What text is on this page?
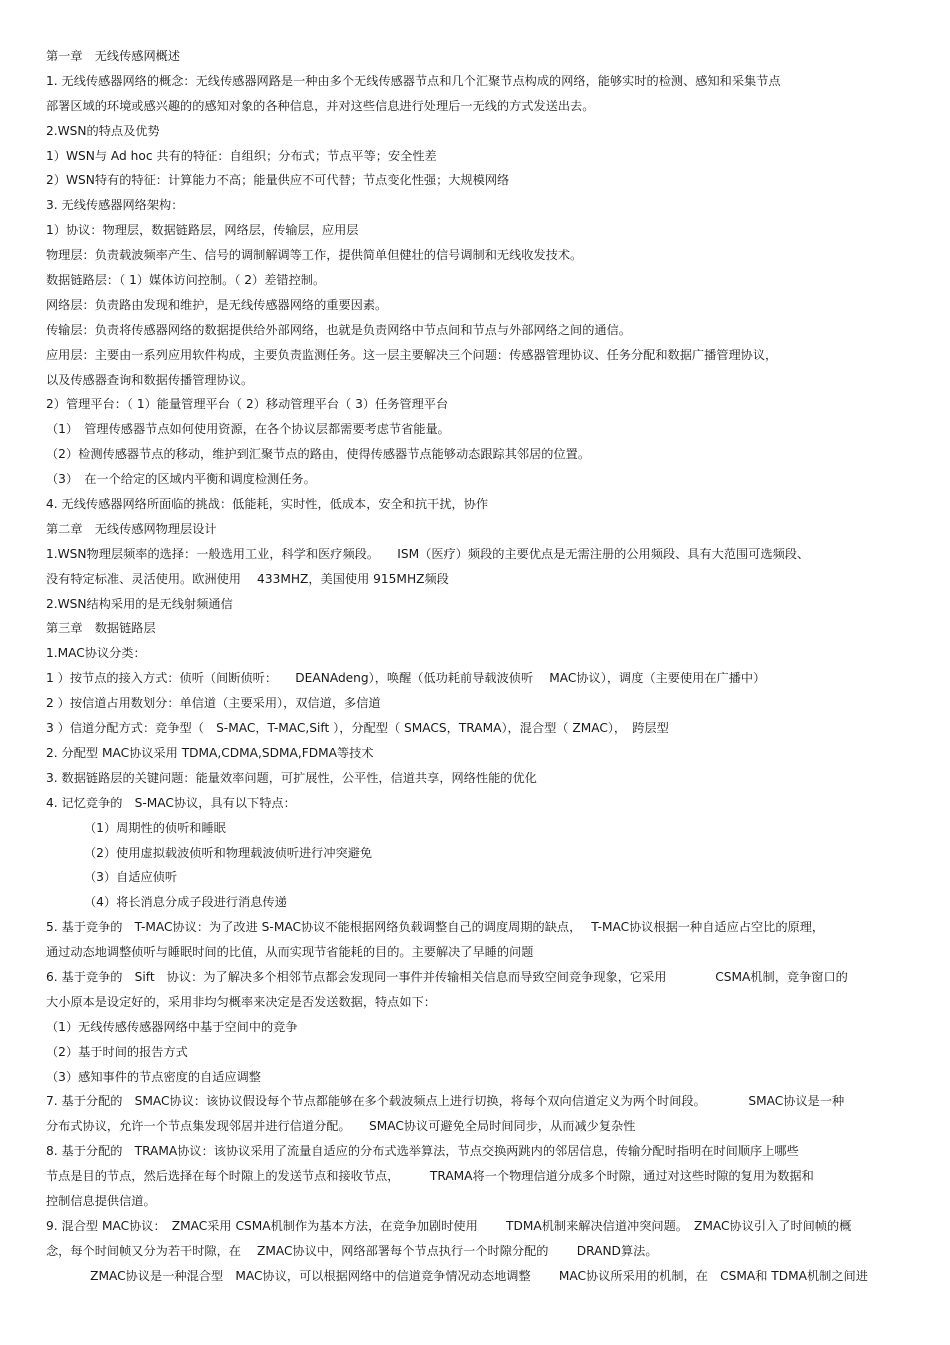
第一章　无线传感网概述
1. 无线传感器网络的概念：无线传感器网路是一种由多个无线传感器节点和几个汇聚节点构成的网络，能够实时的检测、感知和采集节点
部署区域的环境或感兴趣的的感知对象的各种信息，并对这些信息进行处理后一无线的方式发送出去。
2.WSN的特点及优势
1）WSN与 Ad hoc 共有的特征：自组织；分布式；节点平等；安全性差
2）WSN特有的特征：计算能力不高；能量供应不可代替；节点变化性强；大规模网络
3. 无线传感器网络架构：
1）协议：物理层，数据链路层，网络层，传输层，应用层
物理层：负责载波频率产生、信号的调制解调等工作，提供简单但健壮的信号调制和无线收发技术。
数据链路层：（ 1）媒体访问控制。（ 2）差错控制。
网络层：负责路由发现和维护，是无线传感器网络的重要因素。
传输层：负责将传感器网络的数据提供给外部网络，也就是负责网络中节点间和节点与外部网络之间的通信。
应用层：主要由一系列应用软件构成，主要负责监测任务。这一层主要解决三个问题：传感器管理协议、任务分配和数据广播管理协议，
以及传感器查询和数据传播管理协议。
2）管理平台：（ 1）能量管理平台（ 2）移动管理平台（ 3）任务管理平台
（1）　管理传感器节点如何使用资源，在各个协议层都需要考虑节省能量。
（2）检测传感器节点的移动，维护到汇聚节点的路由，使得传感器节点能够动态跟踪其邻居的位置。
（3）　在一个给定的区域内平衡和调度检测任务。
4. 无线传感器网络所面临的挑战：低能耗，实时性，低成本，安全和抗干扰，协作
第二章　无线传感网物理层设计
1.WSN物理层频率的选择：一般选用工业，科学和医疗频段。　　ISM（医疗）频段的主要优点是无需注册的公用频段、具有大范围可选频段、
没有特定标准、灵活使用。欧洲使用　 433MHZ，美国使用 915MHZ频段
2.WSN结构采用的是无线射频通信
第三章　数据链路层
1.MAC协议分类：
1 ）按节点的接入方式：侦听（间断侦听：　　DEANAdeng），唤醒（低功耗前导载波侦听　 MAC协议），调度（主要使用在广播中）
2 ）按信道占用数划分：单信道（主要采用），双信道，多信道
3 ）信道分配方式：竞争型（　S-MAC，T-MAC,Sift ），分配型（ SMACS，TRAMA），混合型（ ZMAC），　跨层型
2. 分配型 MAC协议采用 TDMA,CDMA,SDMA,FDMA等技术
3. 数据链路层的关键问题：能量效率问题，可扩展性，公平性，信道共享，网络性能的优化
4. 记忆竞争的　S-MAC协议，具有以下特点：
（1）周期性的侦听和睡眠
（2）使用虚拟载波侦听和物理载波侦听进行冲突避免
（3）自适应侦听
（4）将长消息分成子段进行消息传递
5. 基于竞争的　T-MAC协议：为了改进 S-MAC协议不能根据网络负载调整自己的调度周期的缺点，　 T-MAC协议根据一种自适应占空比的原理，
通过动态地调整侦听与睡眠时间的比值，从而实现节省能耗的目的。主要解决了早睡的问题
6. 基于竞争的　Sift　协议：为了解决多个相邻节点都会发现同一事件并传输相关信息而导致空间竞争现象，它采用　　　　CSMA机制，竞争窗口的
大小原本是设定好的，采用非均匀概率来决定是否发送数据，特点如下：
（1）无线传感传感器网络中基于空间中的竞争
（2）基于时间的报告方式
（3）感知事件的节点密度的自适应调整
7. 基于分配的　SMAC协议：该协议假设每个节点都能够在多个载波频点上进行切换，将每个双向信道定义为两个时间段。　　　　SMAC协议是一种
分布式协议，允许一个节点集发现邻居并进行信道分配。　　SMAC协议可避免全局时间同步，从而减少复杂性
8. 基于分配的　TRAMA协议：该协议采用了流量自适应的分布式选举算法，节点交换两跳内的邻居信息，传输分配时指明在时间顺序上哪些
节点是目的节点，然后选择在每个时隙上的发送节点和接收节点，　　　TRAMA将一个物理信道分成多个时隙，通过对这些时隙的复用为数据和
控制信息提供信道。
9. 混合型 MAC协议：　ZMAC采用 CSMA机制作为基本方法，在竞争加剧时使用　　 TDMA机制来解决信道冲突问题。　ZMAC协议引入了时间帧的概
念，每个时间帧又分为若干时隙，在　 ZMAC协议中，网络部署每个节点执行一个时隙分配的　　 DRAND算法。
　ZMAC协议是一种混合型　MAC协议，可以根据网络中的信道竞争情况动态地调整　　 MAC协议所采用的机制，在　CSMA和 TDMA机制之间进
